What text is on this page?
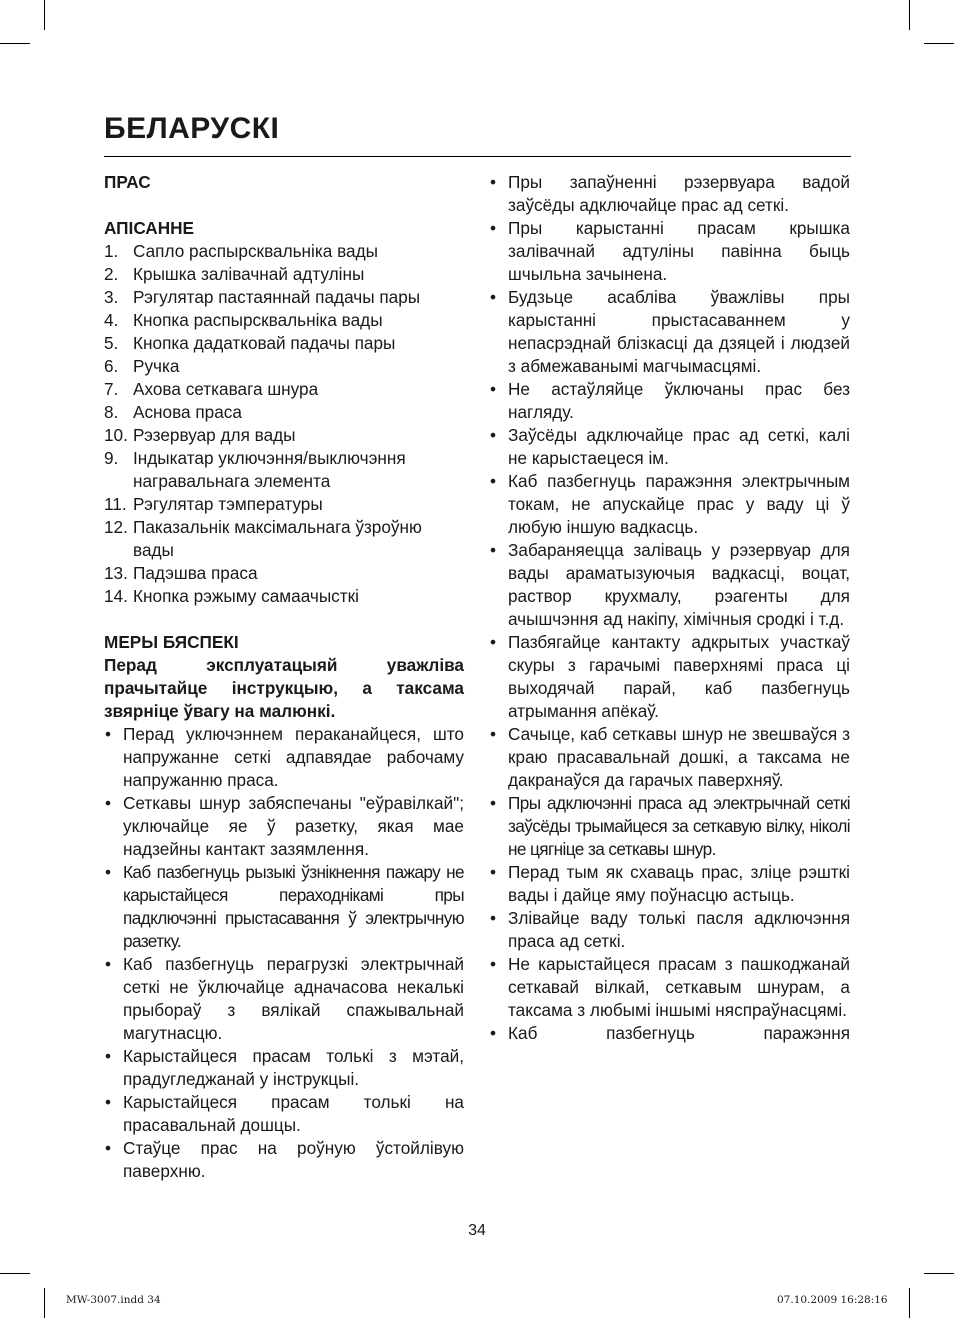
БЕЛАРУСКІ

ПРАС

АПІСАННЕ

1. Сапло распырсквальніка вады
2. Крышка залівачнай адтуліны
3. Рэгулятар пастаяннай падачы пары
4. Кнопка распырсквальніка вады
5. Кнопка дадатковай падачы пары
6. Ручка
7. Ахова сеткавага шнура
8. Аснова праса
10. Рэзервуар для вады
9. Індыкатар уключэння/выключэння награвальнага элемента
11. Рэгулятар тэмпературы
12. Паказальнік максімальнага ўзроўню вады
13. Падэшва праса
14. Кнопка рэжыму самаачысткі

МЕРЫ БЯСПЕКІ

Перад эксплуатацыяй уважліва прачытайце інструкцыю, а таксама звярніце ўвагу на малюнкі.

• Перад уключэннем пераканайцеся, што напружанне сеткі адпавядае рабочаму напружанню праса.
• Сеткавы шнур забяспечаны "еўравілкай"; уключайце яе ў разетку, якая мае надзейны кантакт зазямлення.
• Каб пазбегнуць рызыкі ўзнікнення пажару не карыстайцеся пераходнікамі пры падключэнні прыстасавання ў электрычную разетку.
• Каб пазбегнуць перагрузкі электрычнай сеткі не ўключайце адначасова некалькі прыбораў з вялікай спажывальнай магутнасцю.
• Карыстайцеся прасам толькі з мэтай, прадугледжанай у інструкцыі.
• Карыстайцеся прасам толькі на прасавальнай дошцы.
• Стаўце прас на роўную ўстойлівую паверхню.
• Пры запаўненні рэзервуара вадой заўсёды адключайце прас ад сеткі.
• Пры карыстанні прасам крышка залівачнай адтуліны павінна быць шчыльна зачынена.
• Будзьце асабліва ўважлівы пры карыстанні прыстасаваннем у непасрэднай блізкасці да дзяцей і людзей з абмежаванымі магчымасцямі.
• Не астаўляйце ўключаны прас без нагляду.
• Заўсёды адключайце прас ад сеткі, калі не карыстаецеся ім.
• Каб пазбегнуць паражэння электрычным токам, не апускайце прас у ваду ці ў любую іншую вадкасць.
• Забараняецца заліваць у рэзервуар для вады араматызуючыя вадкасці, воцат, раствор крухмалу, рэагенты для ачышчэння ад накіпу, хімічныя сродкі і т.д.
• Пазбягайце кантакту адкрытых участкаў скуры з гарачымі паверхнямі праса ці выходячай парай, каб пазбегнуць атрымання апёкаў.
• Сачыце, каб сеткавы шнур не звешваўся з краю прасавальнай дошкі, а таксама не дакранаўся да гарачых паверхняў.
• Пры адключэнні праса ад электрычнай сеткі заўсёды трымайцеся за сеткавую вілку, ніколі не цягніце за сеткавы шнур.
• Перад тым як схаваць прас, зліце рэшткі вады і дайце яму поўнасцю астыць.
• Злівайце ваду толькі пасля адключэння праса ад сеткі.
• Не карыстайцеся прасам з пашкоджанай сеткавай вілкай, сеткавым шнурам, а таксама з любымі іншымі няспраўнасцямі.
• Каб пазбегнуць паражэння
34
MW-3007.indd 34	07.10.2009 16:28:16
